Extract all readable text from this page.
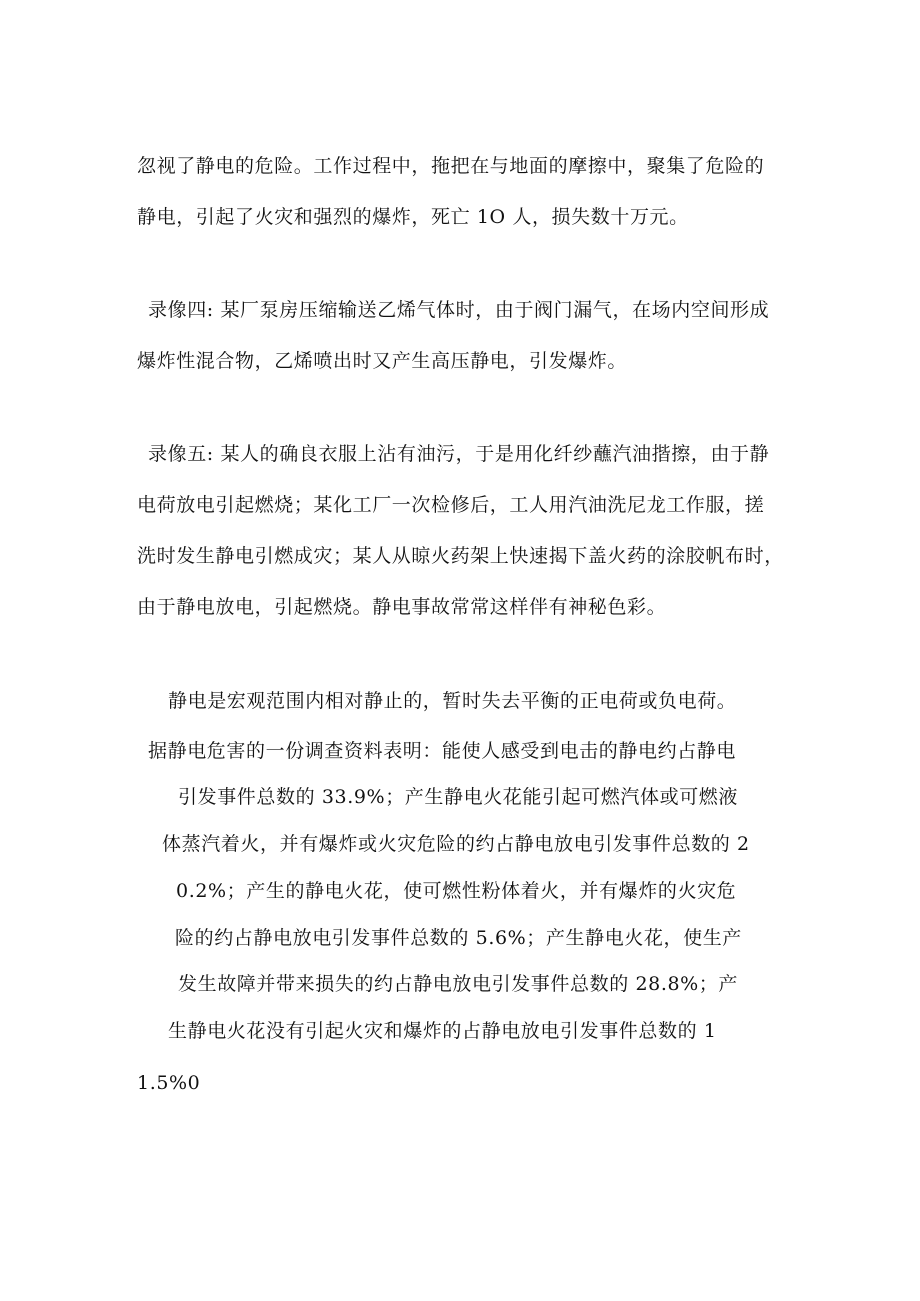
忽视了静电的危险。工作过程中，拖把在与地面的摩擦中，聚集了危险的
静电，引起了火灾和强烈的爆炸，死亡 1O 人，损失数十万元。
录像四: 某厂泵房压缩输送乙烯气体时，由于阀门漏气，在场内空间形成
爆炸性混合物，乙烯喷出时又产生高压静电，引发爆炸。
录像五: 某人的确良衣服上沾有油污，于是用化纤纱蘸汽油揩擦，由于静
电荷放电引起燃烧；某化工厂一次检修后，工人用汽油洗尼龙工作服，搓
洗时发生静电引燃成灾；某人从晾火药架上快速揭下盖火药的涂胶帆布时，
由于静电放电，引起燃烧。静电事故常常这样伴有神秘色彩。
静电是宏观范围内相对静止的，暂时失去平衡的正电荷或负电荷。
据静电危害的一份调查资料表明：能使人感受到电击的静电约占静电
引发事件总数的 33.9%；产生静电火花能引起可燃汽体或可燃液
体蒸汽着火，并有爆炸或火灾危险的约占静电放电引发事件总数的 2
0.2%；产生的静电火花，使可燃性粉体着火，并有爆炸的火灾危
险的约占静电放电引发事件总数的 5.6%；产生静电火花，使生产
发生故障并带来损失的约占静电放电引发事件总数的 28.8%；产
生静电火花没有引起火灾和爆炸的占静电放电引发事件总数的 1
1.5%0
